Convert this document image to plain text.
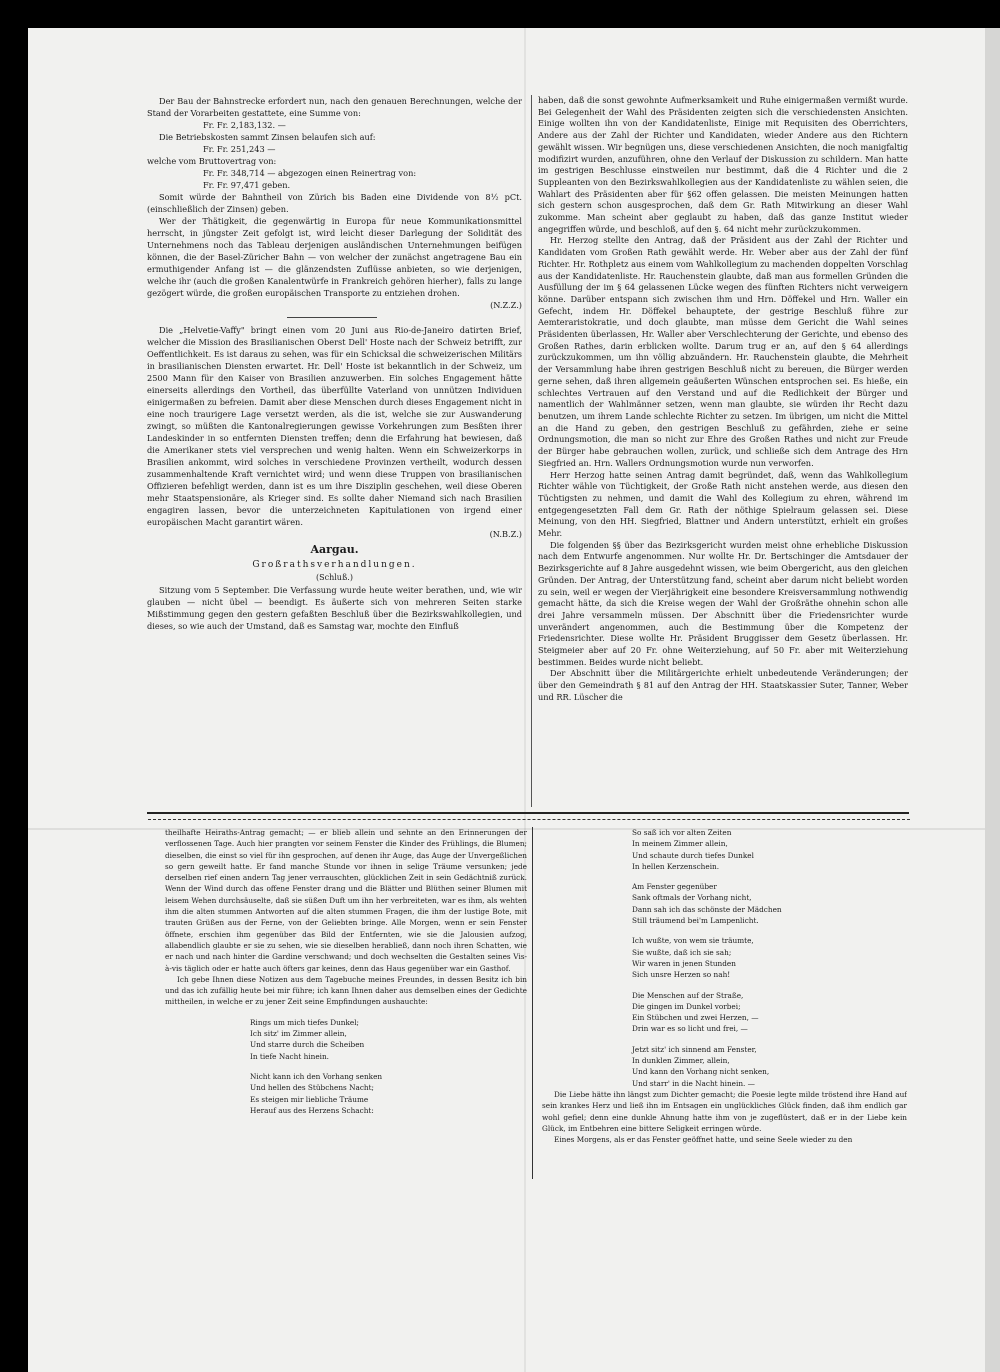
Der Bau der Bahnstrecke erfordert nun, nach den genauen Berechnungen, welche der Stand der Vorarbeiten gestattete, eine Summe von:

Fr. Fr. 2,183,132. —

Die Betriebskosten sammt Zinsen belaufen sich auf:

Fr. Fr. 251,243 —

welche vom Bruttovertrag von:

Fr. Fr. 348,714 — abgezogen einen Reinertrag von:

Fr. Fr. 97,471 geben.

Somit würde der Bahntheil von Zürich bis Baden eine Dividende von 8½ pCt. (einschließlich der Zinsen) geben.

Wer der Thätigkeit, die gegenwärtig in Europa für neue Kommunikationsmittel herrscht, in jüngster Zeit gefolgt ist, wird leicht dieser Darlegung der Solidität des Unternehmens noch das Tableau derjenigen ausländischen Unternehmungen beifügen können, die der Basel-Züricher Bahn — von welcher der zunächst angetragene Bau ein ermuthigender Anfang ist — die glänzendsten Zuflüsse anbieten, so wie derjenigen, welche ihr (auch die großen Kanalentwürfe in Frankreich gehören hierher), falls zu lange gezögert würde, die großen europäischen Transporte zu entziehen drohen.

(N.Z.Z.)

Die „Helvetie-Vaffy" bringt einen vom 20 Juni aus Rio-de-Janeiro datirten Brief, welcher die Mission des Brasilianischen Oberst Dell' Hoste nach der Schweiz betrifft, zur Oeffentlichkeit. Es ist daraus zu sehen, was für ein Schicksal die schweizerischen Militärs in brasilianischen Diensten erwartet. Hr. Dell' Hoste ist bekanntlich in der Schweiz, um 2500 Mann für den Kaiser von Brasilien anzuwerben. Ein solches Engagement hätte einerseits allerdings den Vortheil, das überfüllte Vaterland von unnützen Individuen einigermaßen zu befreien. Damit aber diese Menschen durch dieses Engagement nicht in eine noch traurigere Lage versetzt werden, als die ist, welche sie zur Auswanderung zwingt, so müßten die Kantonalregierungen gewisse Vorkehrungen zum Besßten ihrer Landeskinder in so entfernten Diensten treffen; denn die Erfahrung hat bewiesen, daß die Amerikaner stets viel versprechen und wenig halten. Wenn ein Schweizerkorps in Brasilien ankommt, wird solches in verschiedene Provinzen vertheilt, wodurch dessen zusammenhaltende Kraft vernichtet wird; und wenn diese Truppen von brasilianischen Offizieren befehligt werden, dann ist es um ihre Disziplin geschehen, weil diese Oberen mehr Staatspensionäre, als Krieger sind. Es sollte daher Niemand sich nach Brasilien engagiren lassen, bevor die unterzeichneten Kapitulationen von irgend einer europäischen Macht garantirt wären.

(N.B.Z.)

Aargau.
Großrathsverhandlungen.
(Schluß.)

Sitzung vom 5 September. Die Verfassung wurde heute weiter berathen, und, wie wir glauben — nicht übel — beendigt. Es äußerte sich von mehreren Seiten starke Mißstimmung gegen den gestern gefaßten Beschluß über die Bezirkswahlkollegien, und dieses, so wie auch der Umstand, daß es Samstag war, mochte den Einfluß

haben, daß die sonst gewohnte Aufmerksamkeit und Ruhe einigermaßen vermißt wurde. Bei Gelegenheit der Wahl des Präsidenten zeigten sich die verschiedensten Ansichten. Einige wollten ihn von der Kandidatenliste, Einige mit Requisiten des Oberrichters, Andere aus der Zahl der Richter und Kandidaten, wieder Andere aus den Richtern gewählt wissen. Wir begnügen uns, diese verschiedenen Ansichten, die noch manigfaltig modifizirt wurden, anzuführen, ohne den Verlauf der Diskussion zu schildern. Man hatte im gestrigen Beschlusse einstweilen nur bestimmt, daß die 4 Richter und die 2 Suppleanten von den Bezirkswahlkollegien aus der Kandidatenliste zu wählen seien, die Wahlart des Präsidenten aber für §62 offen gelassen. Die meisten Meinungen hatten sich gestern schon ausgesprochen, daß dem Gr. Rath Mitwirkung an dieser Wahl zukomme. Man scheint aber geglaubt zu haben, daß das ganze Institut wieder angegriffen würde, und beschloß, auf den §. 64 nicht mehr zurückzukommen.

Hr. Herzog stellte den Antrag, daß der Präsident aus der Zahl der Richter und Kandidaten vom Großen Rath gewählt werde. Hr. Weber aber aus der Zahl der fünf Richter. Hr. Rothpletz aus einem vom Wahlkollegium zu machenden doppelten Vorschlag aus der Kandidatenliste. Hr. Rauchenstein glaubte, daß man aus formellen Gründen die Ausfüllung der im § 64 gelassenen Lücke wegen des fünften Richters nicht verweigern könne. Darüber entspann sich zwischen ihm und Hrn. Döffekel und Hrn. Waller ein Gefecht, indem Hr. Döffekel behauptete, der gestrige Beschluß führe zur Aemteraristokratie, und doch glaubte, man müsse dem Gericht die Wahl seines Präsidenten überlassen, Hr. Waller aber Verschlechterung der Gerichte, und ebenso des Großen Rathes, darin erblicken wollte. Darum trug er an, auf den § 64 allerdings zurückzukommen, um ihn völlig abzuändern. Hr. Rauchenstein glaubte, die Mehrheit der Versammlung habe ihren gestrigen Beschluß nicht zu bereuen, die Bürger werden gerne sehen, daß ihren allgemein geäußerten Wünschen entsprochen sei. Es hieße, ein schlechtes Vertrauen auf den Verstand und auf die Redlichkeit der Bürger und namentlich der Wahlmänner setzen, wenn man glaubte, sie würden ihr Recht dazu benutzen, um ihrem Lande schlechte Richter zu setzen. Im übrigen, um nicht die Mittel an die Hand zu geben, den gestrigen Beschluß zu gefährden, ziehe er seine Ordnungsmotion, die man so nicht zur Ehre des Großen Rathes und nicht zur Freude der Bürger habe gebrauchen wollen, zurück, und schließe sich dem Antrage des Hrn Siegfried an. Hrn. Wallers Ordnungsmotion wurde nun verworfen.

Herr Herzog hatte seinen Antrag damit begründet, daß, wenn das Wahlkollegium Richter wähle von Tüchtigkeit, der Große Rath nicht anstehen werde, aus diesen den Tüchtigsten zu nehmen, und damit die Wahl des Kollegium zu ehren, während im entgegengesetzten Fall dem Gr. Rath der nöthige Spielraum gelassen sei. Diese Meinung, von den HH. Siegfried, Blattner und Andern unterstützt, erhielt ein großes Mehr.

Die folgenden §§ über das Bezirksgericht wurden meist ohne erhebliche Diskussion nach dem Entwurfe angenommen. Nur wollte Hr. Dr. Bertschinger die Amtsdauer der Bezirksgerichte auf 8 Jahre ausgedehnt wissen, wie beim Obergericht, aus den gleichen Gründen. Der Antrag, der Unterstützung fand, scheint aber darum nicht beliebt worden zu sein, weil er wegen der Vierjährigkeit eine besondere Kreisversammlung nothwendig gemacht hätte, da sich die Kreise wegen der Wahl der Großräthe ohnehin schon alle drei Jahre versammeln müssen. Der Abschnitt über die Friedensrichter wurde unverändert angenommen, auch die Bestimmung über die Kompetenz der Friedensrichter. Diese wollte Hr. Präsident Bruggisser dem Gesetz überlassen. Hr. Steigmeier aber auf 20 Fr. ohne Weiterziehung, auf 50 Fr. aber mit Weiterziehung bestimmen. Beides wurde nicht beliebt.

Der Abschnitt über die Militärgerichte erhielt unbedeutende Veränderungen; der über den Gemeindrath § 81 auf den Antrag der HH. Staatskassier Suter, Tanner, Weber und RR. Lüscher die

theilhafte Heiraths-Antrag gemacht; — er blieb allein und sehnte an den Erinnerungen der verflossenen Tage. Auch hier prangten vor seinem Fenster die Kinder des Frühlings, die Blumen; dieselben, die einst so viel für ihn gesprochen, auf denen ihr Auge, das Auge der Unvergeßlichen so gern geweilt hatte. Er fand manche Stunde vor ihnen in selige Träume versunken; jede derselben rief einen andern Tag jener verrauschten, glücklichen Zeit in sein Gedächtniß zurück. Wenn der Wind durch das offene Fenster drang und die Blätter und Blüthen seiner Blumen mit leisem Wehen durchsäuselte, daß sie süßen Duft um ihn her verbreiteten, war es ihm, als wehten ihm die alten stummen Antworten auf die alten stummen Fragen, die ihm der lustige Bote, mit trauten Grüßen aus der Ferne, von der Geliebten bringe. Alle Morgen, wenn er sein Fenster öffnete, erschien ihm gegenüber das Bild der Entfernten, wie sie die Jalousien aufzog, allabendlich glaubte er sie zu sehen, wie sie dieselben herabließ, dann noch ihren Schatten, wie er nach und nach hinter die Gardine verschwand; und doch wechselten die Gestalten seines Vis-à-vis täglich oder er hatte auch öfters gar keines, denn das Haus gegenüber war ein Gasthof.

Ich gebe Ihnen diese Notizen aus dem Tagebuche meines Freundes, in dessen Besitz ich bin und das ich zufällig heute bei mir führe; ich kann Ihnen daher aus demselben eines der Gedichte mittheilen, in welche er zu jener Zeit seine Empfindungen aushauchte:

Rings um mich tiefes Dunkel;

Ich sitz' im Zimmer allein,

Und starre durch die Scheiben

In tiefe Nacht hinein.

Nicht kann ich den Vorhang senken

Und hellen des Stübchens Nacht;

Es steigen mir liebliche Träume

Herauf aus des Herzens Schacht:

So saß ich vor alten Zeiten

In meinem Zimmer allein,

Und schaute durch tiefes Dunkel

In hellen Kerzenschein.

Am Fenster gegenüber

Sank oftmals der Vorhang nicht,

Dann sah ich das schönste der Mädchen

Still träumend bei'm Lampenlicht.

Ich wußte, von wem sie träumte,

Sie wußte, daß ich sie sah;

Wir waren in jenen Stunden

Sich unsre Herzen so nah!

Die Menschen auf der Straße,

Die gingen im Dunkel vorbei;

Ein Stübchen und zwei Herzen, —

Drin war es so licht und frei, —

Jetzt sitz' ich sinnend am Fenster,

In dunklen Zimmer, allein,

Und kann den Vorhang nicht senken,

Und starr' in die Nacht hinein. —

Die Liebe hätte ihn längst zum Dichter gemacht; die Poesie legte milde tröstend ihre Hand auf sein krankes Herz und ließ ihn im Entsagen ein unglückliches Glück finden, daß ihm endlich gar wohl gefiel; denn eine dunkle Ahnung hatte ihm von je zugeflüstert, daß er in der Liebe kein Glück, im Entbehren eine bittere Seligkeit erringen würde.

Eines Morgens, als er das Fenster geöffnet hatte, und seine Seele wieder zu den
